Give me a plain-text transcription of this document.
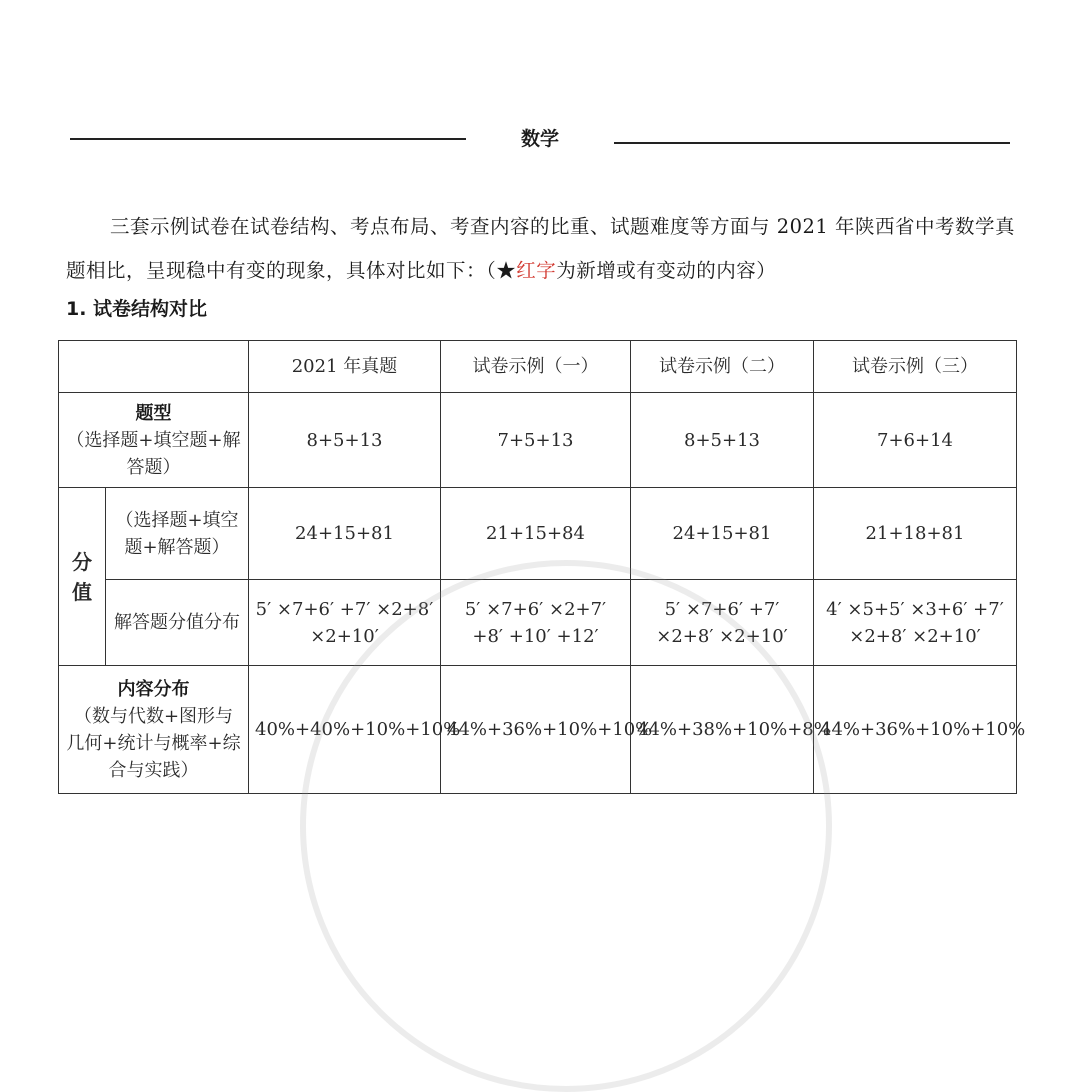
数学
三套示例试卷在试卷结构、考点布局、考查内容的比重、试题难度等方面与 2021 年陕西省中考数学真题相比，呈现稳中有变的现象，具体对比如下：（★红字为新增或有变动的内容）
1. 试卷结构对比
		2021 年真题	试卷示例（一）	试卷示例（二）	试卷示例（三）

题型
（选择题+填空题+解答题）		8+5+13	7+5+13	8+5+13	7+6+14
分值	（选择题+填空题+解答题）	24+15+81	21+15+84	24+15+81	21+18+81
	解答题分值分布	5′ ×7+6′ +7′ ×2+8′ ×2+10′	5′ ×7+6′ ×2+7′ +8′ +10′ +12′	5′ ×7+6′ +7′ ×2+8′ ×2+10′	4′ ×5+5′ ×3+6′ +7′ ×2+8′ ×2+10′

内容分布
（数与代数+图形与几何+统计与概率+综合与实践）		40%+40%+10%+10%	44%+36%+10%+10%	44%+38%+10%+8%	44%+36%+10%+10%
